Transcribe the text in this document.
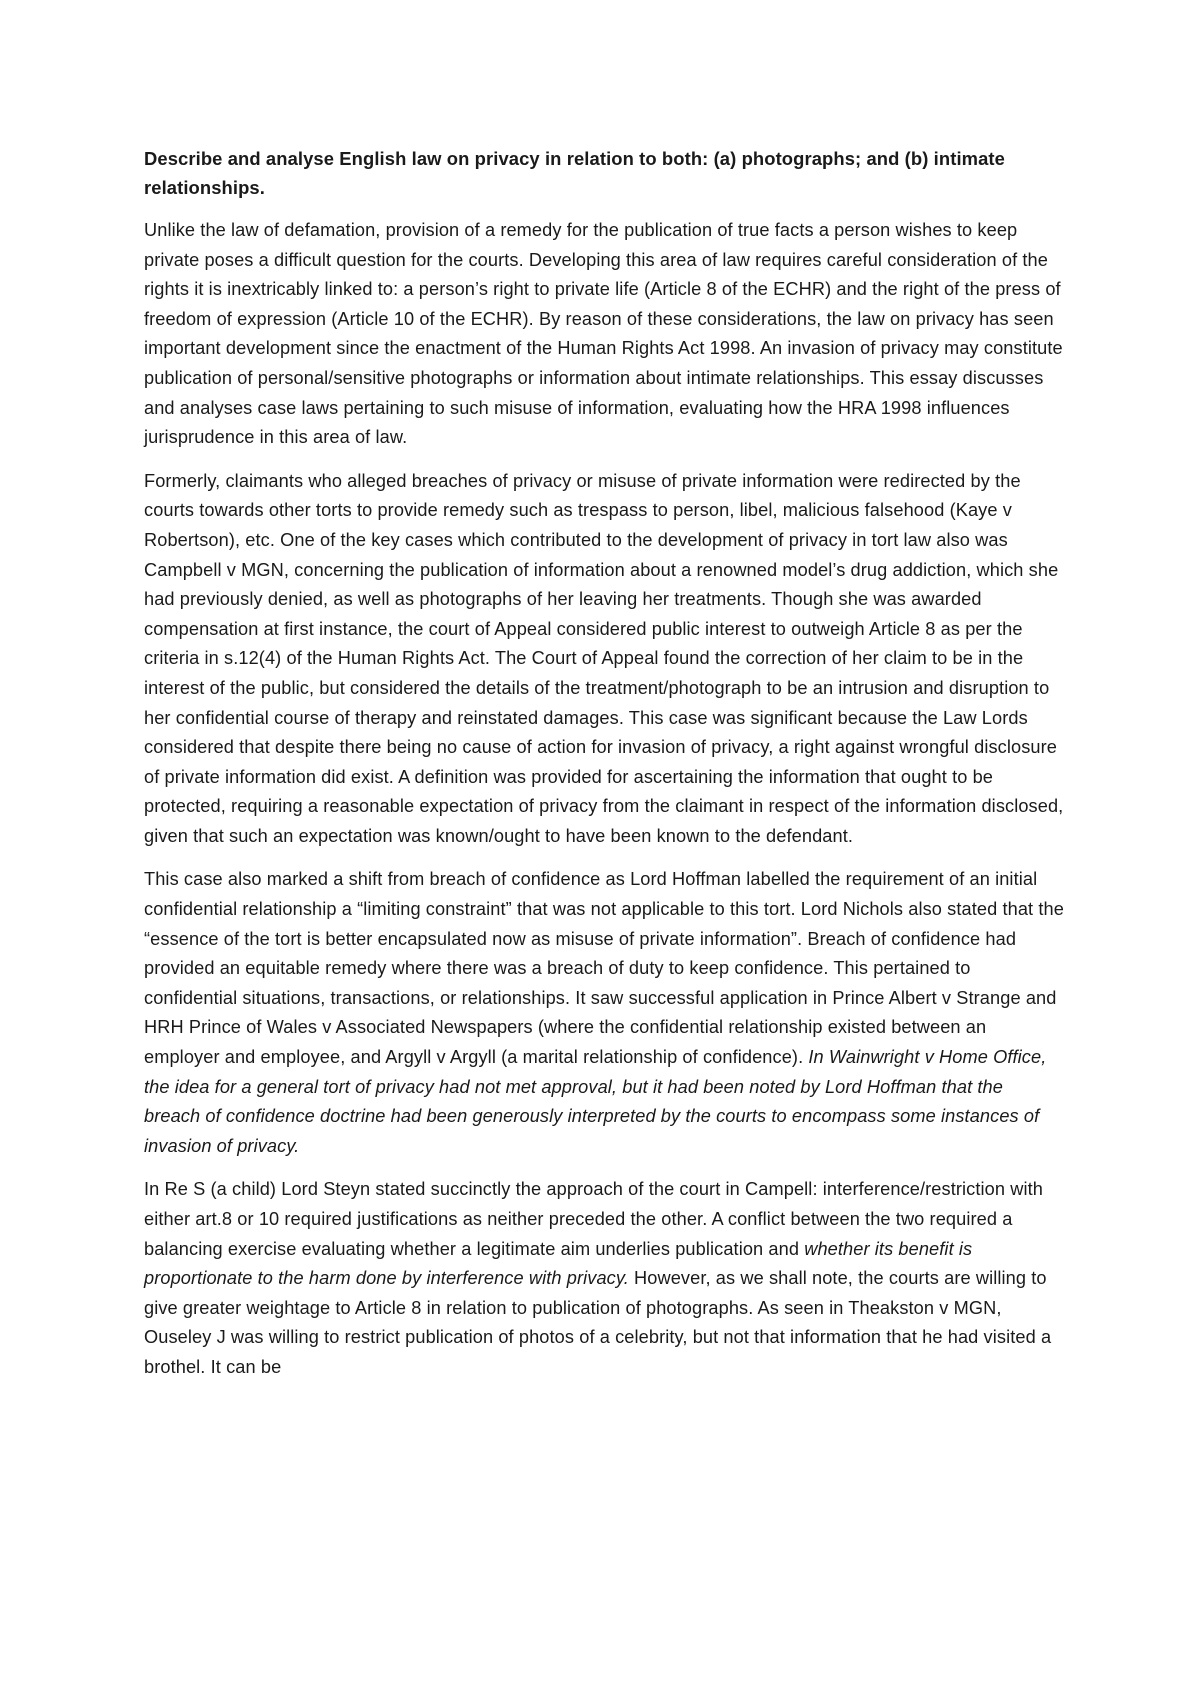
Describe and analyse English law on privacy in relation to both: (a) photographs; and (b) intimate relationships.

Unlike the law of defamation, provision of a remedy for the publication of true facts a person wishes to keep private poses a difficult question for the courts. Developing this area of law requires careful consideration of the rights it is inextricably linked to: a person’s right to private life (Article 8 of the ECHR) and the right of the press of freedom of expression (Article 10 of the ECHR). By reason of these considerations, the law on privacy has seen important development since the enactment of the Human Rights Act 1998. An invasion of privacy may constitute publication of personal/sensitive photographs or information about intimate relationships. This essay discusses and analyses case laws pertaining to such misuse of information, evaluating how the HRA 1998 influences jurisprudence in this area of law.

Formerly, claimants who alleged breaches of privacy or misuse of private information were redirected by the courts towards other torts to provide remedy such as trespass to person, libel, malicious falsehood (Kaye v Robertson), etc. One of the key cases which contributed to the development of privacy in tort law also was Campbell v MGN, concerning the publication of information about a renowned model’s drug addiction, which she had previously denied, as well as photographs of her leaving her treatments. Though she was awarded compensation at first instance, the court of Appeal considered public interest to outweigh Article 8 as per the criteria in s.12(4) of the Human Rights Act. The Court of Appeal found the correction of her claim to be in the interest of the public, but considered the details of the treatment/photograph to be an intrusion and disruption to her confidential course of therapy and reinstated damages. This case was significant because the Law Lords considered that despite there being no cause of action for invasion of privacy, a right against wrongful disclosure of private information did exist. A definition was provided for ascertaining the information that ought to be protected, requiring a reasonable expectation of privacy from the claimant in respect of the information disclosed, given that such an expectation was known/ought to have been known to the defendant.

This case also marked a shift from breach of confidence as Lord Hoffman labelled the requirement of an initial confidential relationship a “limiting constraint” that was not applicable to this tort. Lord Nichols also stated that the “essence of the tort is better encapsulated now as misuse of private information”. Breach of confidence had provided an equitable remedy where there was a breach of duty to keep confidence. This pertained to confidential situations, transactions, or relationships. It saw successful application in Prince Albert v Strange and HRH Prince of Wales v Associated Newspapers (where the confidential relationship existed between an employer and employee, and Argyll v Argyll (a marital relationship of confidence). In Wainwright v Home Office, the idea for a general tort of privacy had not met approval, but it had been noted by Lord Hoffman that the breach of confidence doctrine had been generously interpreted by the courts to encompass some instances of invasion of privacy.

In Re S (a child) Lord Steyn stated succinctly the approach of the court in Campell: interference/restriction with either art.8 or 10 required justifications as neither preceded the other. A conflict between the two required a balancing exercise evaluating whether a legitimate aim underlies publication and whether its benefit is proportionate to the harm done by interference with privacy. However, as we shall note, the courts are willing to give greater weightage to Article 8 in relation to publication of photographs. As seen in Theakston v MGN, Ouseley J was willing to restrict publication of photos of a celebrity, but not that information that he had visited a brothel. It can be
